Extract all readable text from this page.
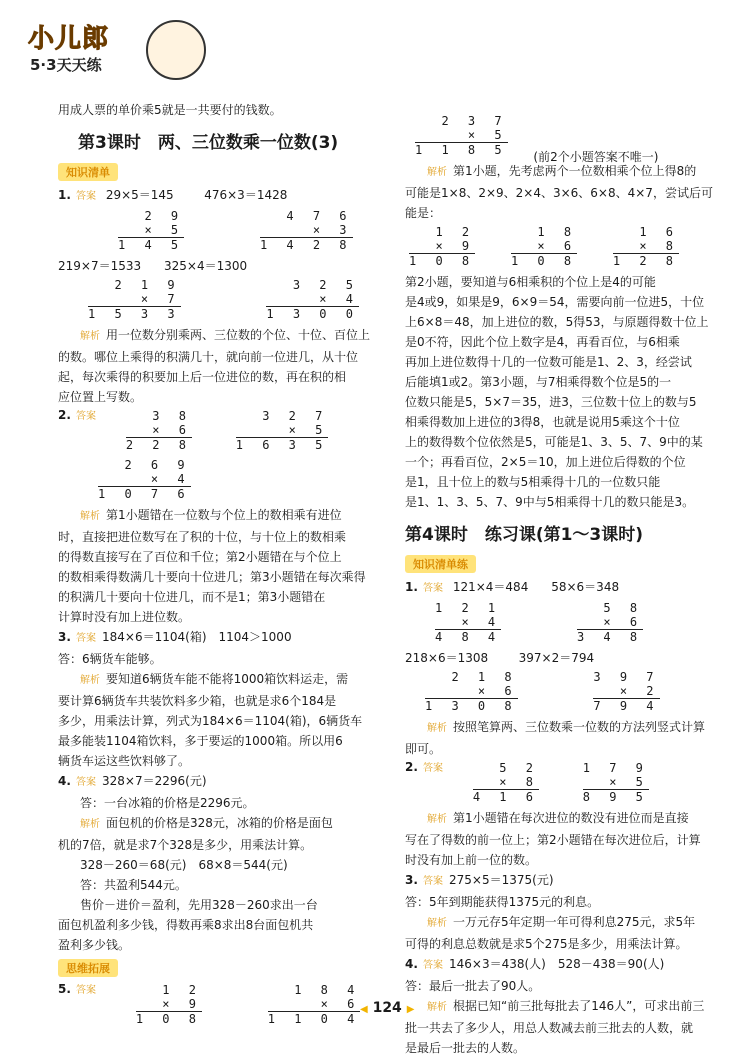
小儿郎
5·3天天练

用成人票的单价乘5就是一共要付的钱数。

第3课时　两、三位数乘一位数(3)
知识清单

1. 答案 29×5＝145	476×3＝1428

2 9
× 5
1 4 5

4 7 6
× 3
1 4 2 8

219×7＝1533 325×4＝1300

2 1 9
× 7
1 5 3 3

3 2 5
× 4
1 3 0 0

解析 用一位数分别乘两、三位数的个位、十位、百位上

的数。哪位上乘得的积满几十，就向前一位进几，从十位

起，每次乘得的积要加上后一位进位的数，再在积的相

应位置上写数。

2. 答案	3 8
× 6
2 2 8

3 2 7
× 5
1 6 3 5
2 6 9
× 4
1 0 7 6

解析 第1小题错在一位数与个位上的数相乘有进位

时，直接把进位数写在了积的十位，与十位上的数相乘

的得数直接写在了百位和千位；第2小题错在与个位上

的数相乘得数满几十要向十位进几；第3小题错在每次乘得

的积满几十要向十位进几，而不是1；第3小题错在

计算时没有加上进位数。

3. 答案 184×6＝1104(箱)　1104＞1000

答：6辆货车能够。

解析 要知道6辆货车能不能将1000箱饮料运走，需

要计算6辆货车共装饮料多少箱，也就是求6个184是

多少，用乘法计算，列式为184×6＝1104(箱)，6辆货车

最多能装1104箱饮料，多于要运的1000箱。所以用6

辆货车运这些饮料够了。

4. 答案 328×7＝2296(元)

答：一台冰箱的价格是2296元。

解析 面包机的价格是328元，冰箱的价格是面包

机的7倍，就是求7个328是多少，用乘法计算。

328－260＝68(元)　68×8＝544(元)

答：共盈利544元。

售价－进价＝盈利，先用328－260求出一台

面包机盈利多少钱，得数再乘8求出8台面包机共

盈利多少钱。

思维拓展
5. 答案	1 2
× 9
1 0 8

1 8 4
× 6
1 1 0 4
2 3 7
× 5
1 1 8 5 (前2个小题答案不唯一)

解析 第1小题，先考虑两个一位数相乘个位上得8的

可能是1×8、2×9、2×4、3×6、6×8、4×7，尝试后可

能是：

1 2
× 9
1 0 8

1 8
× 6
1 0 8

1 6
× 8
1 2 8

第2小题，要知道与6相乘积的个位上是4的可能

是4或9，如果是9，6×9＝54，需要向前一位进5，十位

上6×8＝48，加上进位的数，5得53，与原题得数十位上

是0不符，因此个位上数字是4，再看百位，与6相乘

再加上进位数得十几的一位数可能是1、2、3，经尝试

后能填1或2。第3小题，与7相乘得数个位是5的一

位数只能是5，5×7＝35，进3，三位数十位上的数与5

相乘得数加上进位的3得8，也就是说用5乘这个十位

上的数得数个位依然是5，可能是1、3、5、7、9中的某

一个；再看百位，2×5＝10，加上进位后得数的个位

是1，且十位上的数与5相乘得十几的一位数只能

是1、1、3、5、7、9中与5相乘得十几的数只能是3。

第4课时　练习课(第1～3课时)
知识清单练

1. 答案 121×4＝484 58×6＝348

1 2 1
× 4
4 8 4

5 8
× 6
3 4 8

218×6＝1308	397×2＝794

2 1 8
× 6
1 3 0 8

3 9 7
× 2
7 9 4

解析 按照笔算两、三位数乘一位数的方法列竖式计算

即可。

2. 答案	5 2
× 8
4 1 6

1 7 9
× 5
8 9 5

解析 第1小题错在每次进位的数没有进位而是直接

写在了得数的前一位上；第2小题错在每次进位后，计算

时没有加上前一位的数。

3. 答案 275×5＝1375(元)

答：5年到期能获得1375元的利息。

解析 一万元存5年定期一年可得利息275元，求5年

可得的利息总数就是求5个275是多少，用乘法计算。

4. 答案 146×3＝438(人)　528－438＝90(人)

答：最后一批去了90人。

解析 根据已知“前三批每批去了146人”，可求出前三

批一共去了多少人，用总人数减去前三批去的人数，就

是最后一批去的人数。

◀ 124 ▶
